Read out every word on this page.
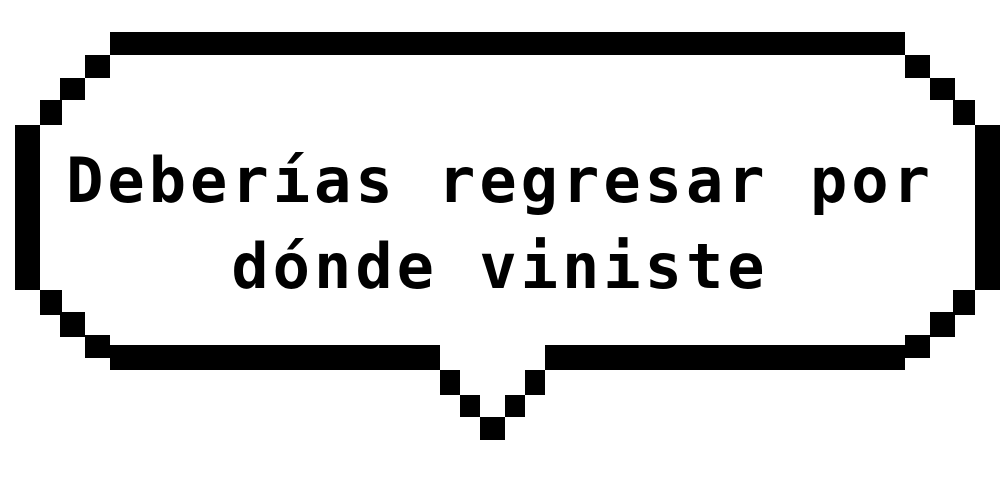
Deberías regresar por
dónde viniste
